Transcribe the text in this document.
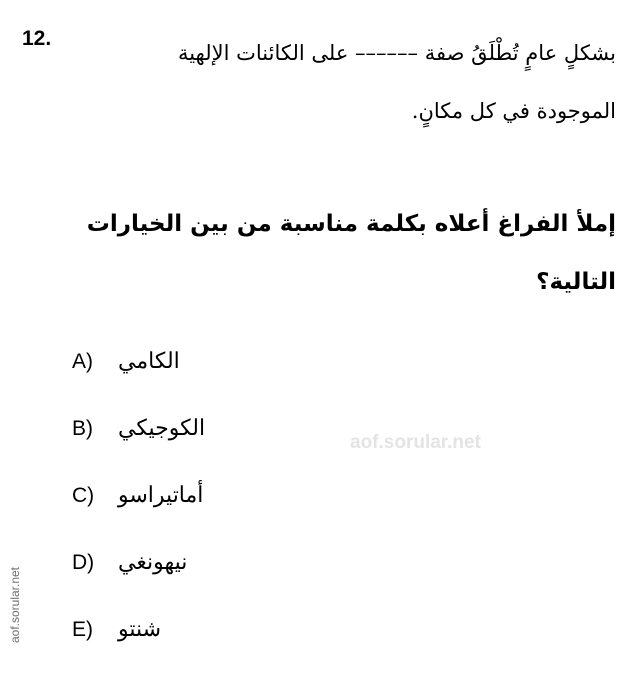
12.

بشكلٍ عامٍ تُطْلَقُ صفة –––––– على الكائنات الإلهية
الموجودة في كل مكانٍ.

إملأ الفراغ أعلاه بكلمة مناسبة من بين الخيارات
التالية؟

A)	الكامي
B)	الكوجيكي
C)	أماتيراسو
D)	نيهونغي
E)	شنتو
aof.sorular.net
aof.sorular.net
